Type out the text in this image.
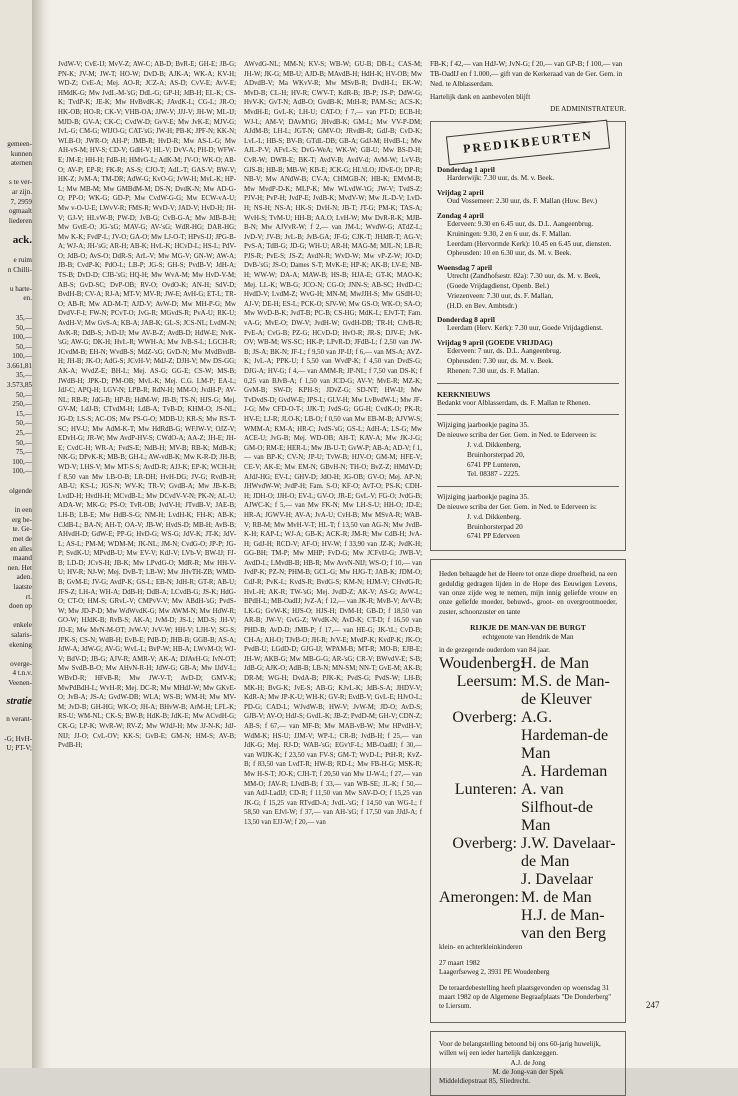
gemeen-
kunnen
aternen

s te ver-
ar zijn.
7, 2959
ogmaalt
liederen

ack.

e ruim
n Chilli-

u harte-
en.
35,—
50,—
100,—
50,—
100,—
3.661,81
35,—
3.573,85
50,—
250,—
15,—
50,—
25,—
50,—
75,—
100,—
100,—
olgende

in een
erg be-
te. Ge-
met de
en alles
maand
nen. Het
aden.
laatste
rt.
doen op

enkele
salaris-
ekening

overge-
4 t.n.v.
Veenen-
stratie
n verant-

-G; HvH-
U; PT-V;

JvdW-V; CvE-IJ; MvV-Z; AW-C; AB-D; BvR-E; GH-E; JB-G; PN-K; JV-M; JW-T; HO-W; DvD-B; AJK-A; WK-A; KV-H; WD-Z; CvE-A; Mej. AO-R; JCZ-A; AS-D; CvV-E; AvV-E; HMdK-G; Mw JvdL-M-'sG; DdL-G; GP-H; JdB-H; EL-K; CS-K; TvdP-K; JE-K; Mw HvBvdK-K; JAvdK-L; CG-L; JR-O; HK-OB; HO-R; CK-V; VHB-OA; JJW-V; JJJ-V; JH-W; ML-IJ; MJD-B; GV-A; CK-C; CvdW-D; GvV-E; Mw JvK-E; MJV-G; JvL-G; CM-G; WIJO-G; CAT-'sG; JW-H; PB-K; JPF-N; KK-N; WLB-O; JWR-O; AH-P; JMB-R; HvD-R; Mw AS-L-G; Mw AH-vS-M; HV-S; CD-V; GdH-V; HL-V; DvV-A; PH-D; WFW-E; JM-E; HH-H; FdB-H; HMvG-L; AdK-M; JV-O; WK-O; AB-O; AV-P; EP-R; FK-R; AS-S; CJO-T; AdL-T; GAS-V; BW-V; HK-Z; JvM-A; TM-DR; AdW-G; KvO-G; JvW-H; MvL-K; HP-L; Mw MB-M; Mw GMBdM-M; DS-N; DvdK-N; Mw AD-G-O; PP-O; WK-G; GD-P; Mw CvdW-G-G; Mw ECW-vA-U; Mw v-O-U-E; LWvV-R; FMS-R; WvD-V; JAD-V; HvD-H; JH-V; GJ-V; HLvW-B; PW-D; JvB-G; CvB-G-A; Mw JdB-B-H; Mw GvtE-O; JG-'sG; MAV-G; AV-'sG; WdR-HG; DAR-HG; Mw K-K; FvdP-L; JV-O; GA-O; Mw LJ-O-T; HPvS-IJ; JPG-B-A; WJ-A; JH-'sG; AR-H; AB-K; HvL-K; HCvD-L; HS-L; PdV-O; JdB-O; AvS-O; DdR-S; ArL-V; Mw MG-V; GN-W; AW-A; JB-B; CvdP-K; PdO-L; LB-P; JG-S; GH-S; PvdB-V; JdH-A; TS-B; DvD-D; CJB-'sG; HQ-H; Mw WvA-M; Mw HvD-V-M; AB-S; GvD-SC; DvP-OB; RV-O; OvdO-K; AN-H; SdV-D; BvdH-B; CV-A; RJ-A; MT-V; MV-R; JW-E; AvH-G; ET-L; TR-O; AB-R; Mw AD-M-T; AJD-V; AvW-D; Mw MH-P-G; Mw DvdV-F-I; FW-N; PCvT-O; JvG-R; MGvdS-R; PvA-U; RK-U; AvdH-V; Mw GvS-A; KB-A; JAB-K; GL-S; JCS-NL; LvdM-N; AvK-R; DdB-S; JvD-IJ; Mw AV-B-Z; AvdB-D; HdW-E; NvK-'sG; AW-G; DK-H; HvL-R; WWH-A; Mw JvB-S-L; LGCH-R; JCvdM-B; EH-N; WvdB-S; MdZ-'sG; GvD-N; Mw MvdBvdB-H; JH-B; JK-O; AdG-S; JCvH-V; MdJ-Z; DJH-V; Mw DS-GG; AK-A; WvdZ-E; BH-L; Mej. AS-G; GG-E; CS-W; MS-B; JWdB-H; JPK-D; PM-OB; MvL-K; Mej. C.G. LM-P; EA-L; JdJ-C; APQ-H; LGV-N; LPB-R; RdN-H; MM-O; JvdH-P; AV-NL; RB-R; JdG-B; HP-B; HdM-W; JB-B; TS-N; HJS-G; Mej. GV-M; LdJ-B; CTvdM-H; LdB-A; TvB-D; KHM-O; JS-NL; JG-D; LS-S; AC-OS; Mw PS-G-O; MDB-U; KR-S; Mw RS-T-SC; HV-U; Mw AdM-K-T; Mw HdRdB-G; WFJW-V; OJZ-V; EDvH-G; JR-W; Mw AvdP-HV-S; CWdO-A; AA-Z; JH-E; JH-E; CvdC-H; WR-A; FvdS-E; NdB-H; MV-B; RB-K; MdB-K; NK-G; DPvK-K; MB-B; GH-L; AW-vdB-K; Mw K-R-D; JH-B; WD-V; LHS-V; Mw MT-S-S; AvdD-R; AJJ-K; EP-K; WCH-H; f 8,50 van Mw LB-O-B; LR-DH; HvH-DG; JV-G; RvdB-H; AB-U; KS-L; JGS-N; WV-K; TR-V; GvdB-A; Mw JB-K-B; LvdD-H; HvdH-H; MCvdB-L; Mw DCvdV-V-N; PK-N; AL-U; ADA-W; MK-G; PS-O; TvR-OB; JvdV-H; JTvdB-V; JAE-B; LH-B; LB-E; Mw HdB-S-G; NM-H; LvdH-K; FH-K; AB-K; CJdB-L; BA-N; AH-T; OA-V; JB-W; HvdS-D; MB-H; AvB-B; AHvdH-D; GdW-E; PP-G; HvD-G; WS-G; JdV-K; JT-K; JdV-L; AS-L; PM-M; WDM-M; JK-NL; JM-N; CvdG-O; JP-P; JG-P; SvdK-U; MPvdB-U; Mw EV-V; KdJ-V; LVb-V; BW-IJ; FJ-B; LD-D; JCvS-H; JB-K; Mw LPvdG-O; MdR-R; Mw HH-V-U; HV-R; NJ-W; Mej. DvB-T; LB-W; Mw JHvTH-ZB; WMD-B; GvM-E; JV-G; AvdP-K; GS-L; EB-N; JdH-R; GT-R; AB-U; JFS-Z; LH-A; WH-A; DdB-H; DdB-A; LCvdB-G; JS-K; HdG-O; CT-O; HM-S; GRvL-V; CMPvV-V; Mw ABdH-'sG; PvdS-W; Mw JD-P-D; Mw WdWvdK-G; Mw AWM-N; Mw HdW-R; GO-W; HJdK-B; RvB-S; AK-A; JvM-D; JS-L; MD-S; JH-V; JO-E; Mw MvN-M-OT; JvW-V; JvV-W; HH-V; LJH-V; SG-S; JPK-S; CS-N; WdB-H; EvB-E; PdB-D; JHB-B; GGB-B; AS-A; JdW-A; JdW-G; AV-G; WvL-L; BvP-W; HB-A; LWvM-O; WJ-V; BdV-D; JB-G; AJV-R; AMR-V; AK-A; DJAvH-G; IvN-OT; Mw SvdB-B-O; Mw AHvN-R-H; JdW-G; GB-A; Mw IJdV-L; WBvD-R; HFvB-R; Mw JW-V-T; AvD-D; GMV-K; MwPdBdH-L; WvH-R; Mej. DC-R; Mw MHdJ-W; Mw GKvE-O; JvB-A; JS-A; GvdW-DB; WLA; WS-B; WM-H; Mw MV-M; JvD-B; GH-HG; WK-O; JH-A; BHvW-B; ArM-H; LFL-K; RS-U; WM-NL; CK-S; BW-B; HdK-B; JdK-E; Mw ACvdH-G; CK-G; LP-K; WvR-W; RV-Z; Mw WJdJ-H; Mw JJ-N-K; JdJ-NIJ; JJ-O; CvL-OV; KK-S; GvB-E; GM-N; HM-S; AV-B; PvdB-H;

AWvdG-NL; MM-N; KV-S; WB-W; GU-B; DB-L; CAS-M; JH-W; JK-G; MB-U; AJD-B; MAvdB-H; HdH-K; HV-OB; Mw ADvdB-V; Ma WKvV-R; Mw MSvB-R; DvdH-L; EK-W; MvD-B; CL-H; HV-R; CWV-T; KdR-B; JB-P; JS-P; DdW-G; HvV-K; GvT-N; AdB-O; GvdB-K; MtH-R; PAM-Sc; ACS-K; MvdH-E; GvL-K; LH-U; CAT-O; f 7,— van PT-D; ECB-H; WJ-L; AM-V; DAvM'tG; JHvdB-K; GM-L; Mw VV-P-DM; AJdM-B; LH-L; JGT-N; GMV-O; JRvdB-R; GdJ-B; CvD-K; LvL-L; HB-S; BV-B; GTdL-DB; GB-A; GdJ-M; HvdB-L; Mw AJL-P-V; AFvL-S; DvG-WeA; WK-W; GB-U; Mw BS-D-H; CvR-W; DWB-E; BK-T; AvdV-B; AvdV-d; AvM-W; LvV-B; GJS-B; HB-B; MB-W; KB-E; JCK-G; HL'tLO; JDvE-O; DP-R; NB-V; Mw ANdW-B; CV-A; CHMGB-N; HB-K; EMvM-B; Mw MvdP-D-K; MLP-K; Mw WLvdW-'tG; JW-V; TvdS-Z; PJV-H; PvP-H; JvdP-E; JvdB-K; MvdV-W; Mw JL-D-V; LvD-H; NS-H; NS-A; HK-S; DvH-N; JB-T; JT-G; PM-K; TAS-A; WvH-S; TvM-U; HH-B; AA.O; LvH-W; Mw DvR-R-K; MJB-B-N; Mw AJVvR-W; f 2,— van JM-L; WvdW-G; ATdZ-L; JvD-V; JV-B; JvL-B; JvB-GA; JF-G; CJK-T; JHJdR-T; AG-V; PvS-A; TdB-G; JD-G; WH-U; AR-H; MAG-M; MJL-N; LB-R; PJS-R; PvE-S; JS-Z; AvdN-R; WvD-W; Mw vP-Z-W; JO-D; DvB-'sG; JS-O; Dames S-T; MvK-E; HP-K; AK-B; LV-E; NB-H; WW-W; DA-A; MAW-B; HS-B; HJA-E; GT-K; MAO-K; Mej. LL-K; WB-G; JCO-N; CG-O; JNN-S; AB-SC; HvdD-C; HvdD-V; LvdM-Z; WvG-H; MN-M; MwJJH-S; Mw GSdH-U; AJ-V; DE-H; ES-L; PCK-O; SJV-W; Mw GS-O; WK-O; SA-O; Mw WvD-B-K; JvdT-B; PC-B; CS-HG; MdK-L; EJvT-T; Fam. vA-G; MvE-O; DW-V; JvdH-W; GvdH-DB; TR-H; CJvB-R; PvE-A; CvG-B; PZ-G; HCvD-D; HvO-R; JR-S; DJV-E; JvK-OV; WB-M; WS-SC; HK-P; LPvR-D; JFdB-L; f 2,50 van JW-B; JS-A; BK-N; JF-L; f 9,50 van JP-IJ; f 6,— van MS-A; AVZ-K; JvL-A; PPK-U; f 5,50 van WvdP-K; f 4,50 van DvdS-G; DJG-A; HV-G; f 4,— van AMM-R; JP-NL; f 7,50 van DS-K; f 0,25 van BJvB-A; f 1,50 van JCD-G; AV-V; MvE-R; MZ-K; GvM-B; SW-D; KPH-S; JDvZ-G; SD-NT; HW-IJ; Mw TvDvdS-D; GvdW-E; JPS-L; GLV-H; Mw LvBvdW-L; Mw JF-J-G; Mw CFD-O-T-; JJK-T; JvdS-G; GG-H; CvdK-O; PK-R; HV-E; LJ-R; JLO-K; LB-O; f 0,50 van Mw EB-M-B; AJVW-S; WMM-A; KM-A; HR-C; JvdS-'sG; GS-L; AdH-A; LS-G; Mw ACE-U; JvG-B; Mej. WD-OB; AH-T; KAV-A; Mw JK-J-G; GM-O; RM-E; HER-L; Mw JB-U-T; GvW-P; AB-A; AD-V; f 1,— van BP-K; CV-N; JP-U; TvW-B; HJV-O; GM-M; HFE-V; CE-V; AK-E; Mw EM-N; GBvH-N; TH-O; BvZ-Z; HMdV-D; AJdJ-HG; EV-L; GHV-D; JdO-H; JG-OB; GV-O; Mej. AP-N; JHWvdW-W; JvdP-H; Fam. S-O; KF-O; AvT-O; PS-K; CDH-H; JDH-O; JJH-O; EV-L; GV-O; JR-E; GvL-V; FG-O; JvdG-B; AJWC-K; f 5,— van Mw FK-N; Mw LH-S-U; HH-O; JD-E; HR-A; JGWV-H; AV-A; JvA-U; CvH-B; Mw MSvA-R; WAB-V; RB-M; Mw MvH-V-T; HL-T; f 13,50 van AG-N; Mw JvdB-K-H; KAP-L; WJ-A; GB-K; ACK-R; JM-R; Mw CdB-H; JvA-H; GdJ-H; RCD-V; AF-O; HV-W; f 33,90 van JZ-K; JvdK-H; GG-BH; TM-P; Mw MHP; FvD-G; Mw JCFvIJ-G; JWB-V; AvdD-L; LMvdB-B; HB-R; Mw AvvN-NIJ; WS-O; f 10,— van JvdP-K; PZ-N; PHM-B; GCL-G; Mw HJG-T; JAB-K; JDM-O; CdJ-R; PvK-L; KvdS-R; BvdG-S; KM-N; HJM-V; CHvdG-R; HvL-H; AK-R; TW-'sG; Mej. JvdD-Z; AK-V; AS-G; AvW-L; BPdH-L; MB-OadIJ; JvZ-A; f 12,— van JK-R; MvB-V; AvV-B; LK-G; GvW-K; HJS-O; HJS-H; DvM-H; GB-D; f 18,50 van AR-B; JW-V; GvG-Z; WvdK-N; AvD-K; CT-D; f 16,50 van PHD-B; AvD-D; JMB-P; f 17,— van HE-G; JK-'tL; CvD-B; CH-A; AH-O; TJvB-O; JH-R; JvV-E; MvdP-K; KvdP-K; JK-O; PvdB-U; LGdD-D; GJG-IJ; WPAM-B; MT-R; MO-B; EJB-E; JH-W; AKB-G; Mw MB-G-G; AR-'sG; CR-V; BWvdV-E; S-B; JdB-G; AJK-O; AdB-B; LB-N; MN-SM; NN-T; GvE-M; AK-B; DR-M; WG-H; DvdA-B; PJK-K; PvdS-G; PvdS-W; LH-B; MK-H; BvG-K; JvE-S; AB-G; KJvL-K; JdB-S-A; JHDV-V; KdR-A; Mw JP-K-U; WH-K; GV-R; EvdB-V; GvL-E; HJvO-L; PD-G; CAD-L; WJvdW-B; HW-V; JvW-M; JD-O; AvD-S; GJB-V; AV-O; HdJ-S; GvdL-K; JB-Z; PvdD-M; GH-V; CDN-Z; AB-S; f 67,— van MF-B; Mw MAB-vB-W; Mw HPvdH-V; WdM-K; HS-U; JJM-V; WP-L; CR-B; JvdB-H; f 25,— van JdK-G; Mej. RJ-D; WAB-'sG; EGv'tF-L; MB-OadIJ; f 30,— van WIJK-K; f 23,50 van FV-S; GM-T; WvD-L; PtH-R; KvZ-B; f 83,50 van LvdT-R; HW-B; RD-L; Mw FB-H-G; MSK-R; Mw H-S-T; JO-K; CJH-T; f 20,50 van Mw IJ-W-L; f 27,— van MM-O; JAV-R; LJvdB-B; f 33,— van WB-SE; JL-K; f 50,— van AdJ-LadIJ; CD-R; f 11,50 van Mw SAV-D-O; f 15,25 van JK-G; f 15,25 van RTvdD-A; JvdL-'sG; f 14,50 van WG-L; f 58,50 van EJvl-W; f 37,— van AH-'sG; f 17,50 van JJdJ-A; f 13,50 van EJJ-W; f 20,— van

FB-K; f 42,— van HdJ-W; JvN-G; f 20,— van GP-B; f 100,— van TB-OadIJ en f 1.000,— gift van de Kerkeraad van de Ger. Gem. in Ned. te Alblasserdam.

Hartelijk dank en aanbevolen blijft

DE ADMINISTRATEUR.

PREDIKBEURTEN

Donderdag 1 april

Harderwijk: 7.30 uur, ds. M. v. Beek.

Vrijdag 2 april

Oud Vossemeer: 2.30 uur, ds. F. Mallan (Huw. Bev.)

Zondag 4 april

Ederveen: 9.30 en 6.45 uur, ds. D.L. Aangeenbrug.

Kruiningen: 9.30, 2 en 6 uur, ds. F. Mallan.

Leerdam (Hervormde Kerk): 10.45 en 6.45 uur, diensten.

Opheusden: 10 en 6.30 uur, ds. M. v. Beek.

Woensdag 7 april

Utrecht (Zandhofsestr. 82a): 7.30 uur, ds. M. v. Beek, (Goede Vrijdagdienst, Openb. Bel.)

Vriezenveen: 7.30 uur, ds. F. Mallan,

(H.D. en Bev. Ambtsdr.)

Donderdag 8 april

Leerdam (Herv. Kerk): 7.30 uur, Goede Vrijdagdienst.

Vrijdag 9 april (GOEDE VRIJDAG)

Ederveen: 7 uur, ds. D.L. Aangeenbrug.

Opheusden: 7.30 uur, ds. M. v. Beek.

Rhenen: 7.30 uur, ds. F. Mallan.

KERKNIEUWS

Bedankt voor Alblasserdam, ds. F. Mallan te Rhenen.

Wijziging jaarboekje pagina 35.

De nieuwe scriba der Ger. Gem. in Ned. te Ederveen is:

J. v.d. Dikkenberg,
Bruinhorsterpad 20,
6741 PP Lunteren,
Tel. 08387 - 2225.

Wijziging jaarboekje pagina 35.

De nieuwe scriba der Ger. Gem. in Ned. te Ederveen is:

J. v.d. Dikkenberg.
Bruinhorsterpad 20
6741 PP Ederveen

Heden behaagde het de Heere tot onze diepe droefheid, na een geduldig gedragen lijden in de Hope des Eeuwigen Levens, van onze zijde weg te nemen, mijn innig geliefde vrouw en onze geliefde moeder, behuwd-, groot- en overgrootmoeder, zuster, schoonzuster en tante

RIJKJE DE MAN-VAN DE BURGT

echtgenote van Hendrik de Man

in de gezegende ouderdom van 84 jaar.

Woudenberg:
H. de Man
Leersum: M.S. de Man-de Kleuver
Overberg: A.G. Hardeman-de Man
A. Hardeman
Lunteren: A. van Silfhout-de Man
Overberg: J.W. Davelaar-de Man
J. Davelaar
Amerongen: M. de Man
H.J. de Man-van den Berg

klein- en achterkleinkinderen

27 maart 1982

Laagerfseweg 2, 3931 PE Woudenberg

De teraardebestelling heeft plaatsgevonden op woensdag 31 maart 1982 op de Algemene Begraafplaats "De Donderberg" te Liersum.

Voor de belangstelling betoond bij ons 60-jarig huwelijk, willen wij een ieder hartelijk dankzeggen.

A.J. de Jong

M. de Jong-van der Spek

Middeldiepstraat 85, Sliedrecht.

247
